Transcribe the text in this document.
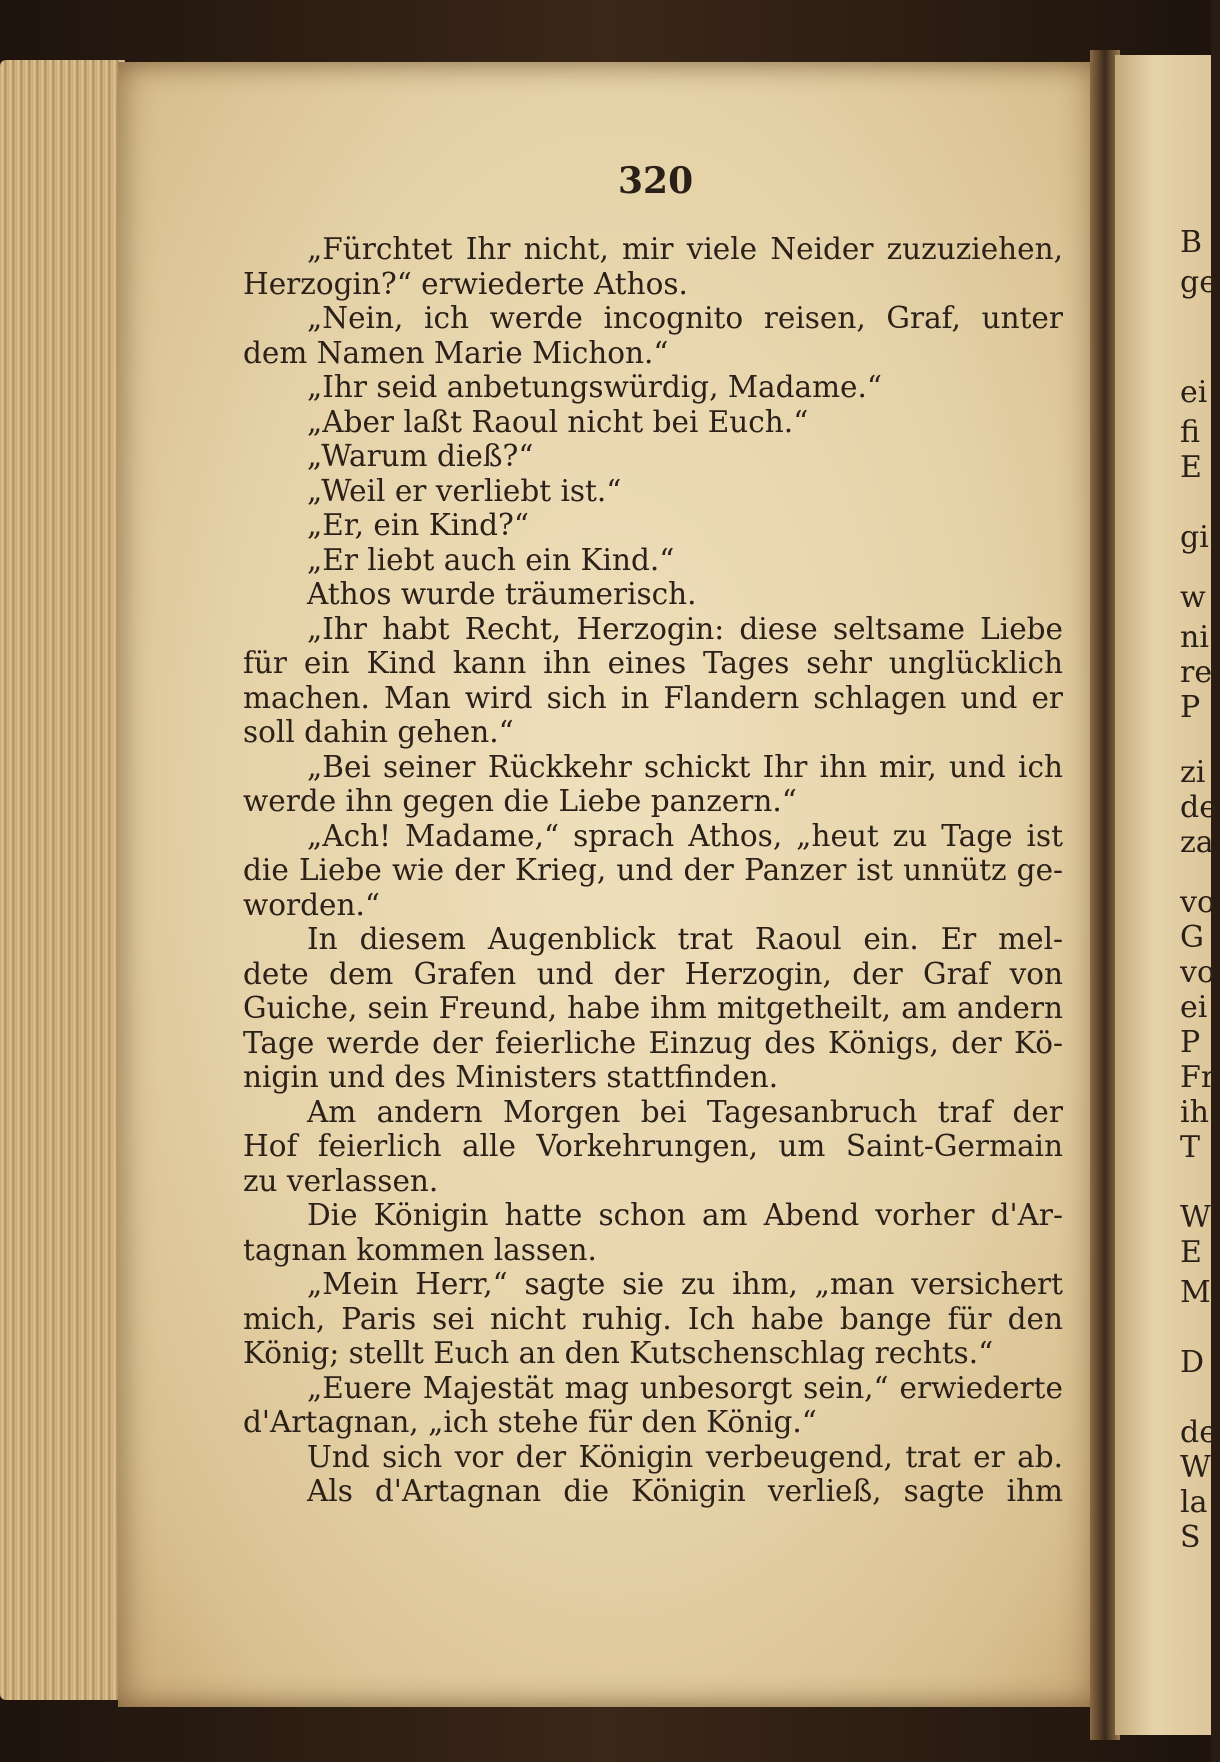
B
ge
ei
fi
E
gi
w
ni
re
P
zi
de
za
vo
G
vo
ei
P
Fr
ih
T
W
E
M
D
de
W
la
S
320
„Fürchtet Ihr nicht, mir viele Neider zuzuziehen,
Herzogin?“ erwiederte Athos.
„Nein, ich werde incognito reisen, Graf, unter
dem Namen Marie Michon.“
„Ihr seid anbetungswürdig, Madame.“
„Aber laßt Raoul nicht bei Euch.“
„Warum dieß?“
„Weil er verliebt ist.“
„Er, ein Kind?“
„Er liebt auch ein Kind.“
Athos wurde träumerisch.
„Ihr habt Recht, Herzogin: diese seltsame Liebe
für ein Kind kann ihn eines Tages sehr unglücklich
machen. Man wird sich in Flandern schlagen und er
soll dahin gehen.“
„Bei seiner Rückkehr schickt Ihr ihn mir, und ich
werde ihn gegen die Liebe panzern.“
„Ach! Madame,“ sprach Athos, „heut zu Tage ist
die Liebe wie der Krieg, und der Panzer ist unnütz ge-
worden.“
In diesem Augenblick trat Raoul ein. Er mel-
dete dem Grafen und der Herzogin, der Graf von
Guiche, sein Freund, habe ihm mitgetheilt, am andern
Tage werde der feierliche Einzug des Königs, der Kö-
nigin und des Ministers stattfinden.
Am andern Morgen bei Tagesanbruch traf der
Hof feierlich alle Vorkehrungen, um Saint-Germain
zu verlassen.
Die Königin hatte schon am Abend vorher d'Ar-
tagnan kommen lassen.
„Mein Herr,“ sagte sie zu ihm, „man versichert
mich, Paris sei nicht ruhig. Ich habe bange für den
König; stellt Euch an den Kutschenschlag rechts.“
„Euere Majestät mag unbesorgt sein,“ erwiederte
d'Artagnan, „ich stehe für den König.“
Und sich vor der Königin verbeugend, trat er ab.
Als d'Artagnan die Königin verließ, sagte ihm
